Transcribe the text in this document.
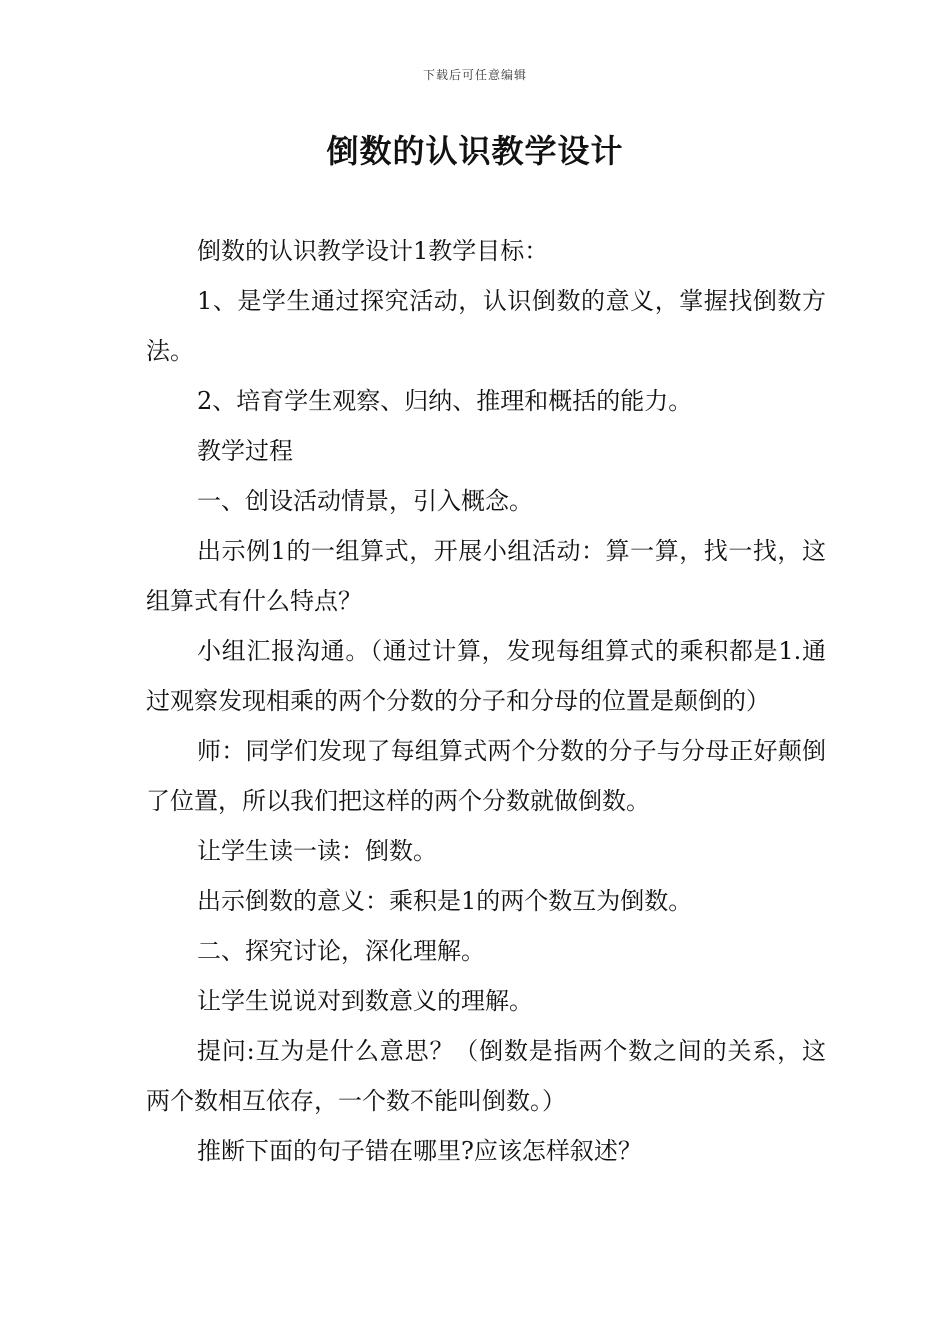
下载后可任意编辑
倒数的认识教学设计

倒数的认识教学设计1教学目标：

1、是学生通过探究活动，认识倒数的意义，掌握找倒数方法。

2、培育学生观察、归纳、推理和概括的能力。

教学过程

一、创设活动情景，引入概念。

出示例1的一组算式，开展小组活动：算一算，找一找，这组算式有什么特点？

小组汇报沟通。（通过计算，发现每组算式的乘积都是1.通过观察发现相乘的两个分数的分子和分母的位置是颠倒的）

师：同学们发现了每组算式两个分数的分子与分母正好颠倒了位置，所以我们把这样的两个分数就做倒数。

让学生读一读：倒数。

出示倒数的意义：乘积是1的两个数互为倒数。

二、探究讨论，深化理解。

让学生说说对到数意义的理解。

提问:互为是什么意思？（倒数是指两个数之间的关系，这两个数相互依存，一个数不能叫倒数。）

推断下面的句子错在哪里?应该怎样叙述？
